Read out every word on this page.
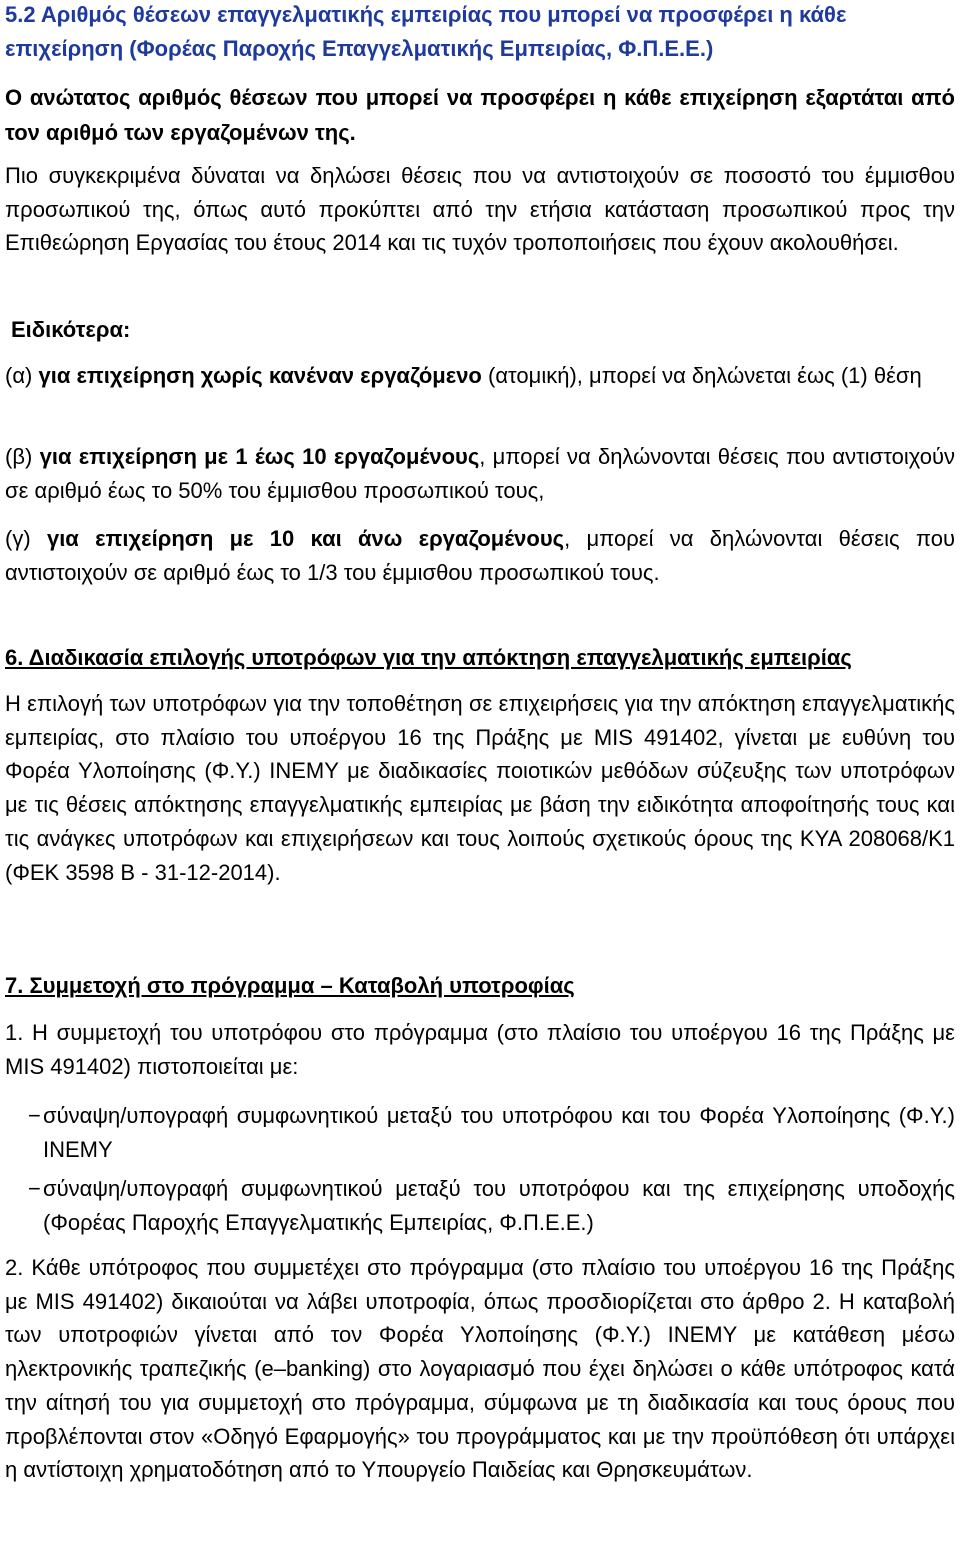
5.2 Αριθμός θέσεων επαγγελματικής εμπειρίας που μπορεί να προσφέρει η κάθε επιχείρηση (Φορέας Παροχής Επαγγελματικής Εμπειρίας, Φ.Π.Ε.Ε.)
Ο ανώτατος αριθμός θέσεων που μπορεί να προσφέρει η κάθε επιχείρηση εξαρτάται από τον αριθμό των εργαζομένων της.
Πιο συγκεκριμένα δύναται να δηλώσει θέσεις που να αντιστοιχούν σε ποσοστό του έμμισθου προσωπικού της, όπως αυτό προκύπτει από την ετήσια κατάσταση προσωπικού προς την Επιθεώρηση Εργασίας του έτους 2014 και τις τυχόν τροποποιήσεις που έχουν ακολουθήσει.
Ειδικότερα:
(α) για επιχείρηση χωρίς κανέναν εργαζόμενο (ατομική), μπορεί να δηλώνεται έως (1) θέση
(β) για επιχείρηση με 1 έως 10 εργαζομένους, μπορεί να δηλώνονται θέσεις που αντιστοιχούν σε αριθμό έως το 50% του έμμισθου προσωπικού τους,
(γ) για επιχείρηση με 10 και άνω εργαζομένους, μπορεί να δηλώνονται θέσεις που αντιστοιχούν σε αριθμό έως το 1/3 του έμμισθου προσωπικού τους.
6. Διαδικασία επιλογής υποτρόφων για την απόκτηση επαγγελματικής εμπειρίας
Η επιλογή των υποτρόφων για την τοποθέτηση σε επιχειρήσεις για την απόκτηση επαγγελματικής εμπειρίας, στο πλαίσιο του υποέργου 16 της Πράξης με MIS 491402, γίνεται με ευθύνη του Φορέα Υλοποίησης (Φ.Υ.) ΙΝΕΜΥ με διαδικασίες ποιοτικών μεθόδων σύζευξης των υποτρόφων με τις θέσεις απόκτησης επαγγελματικής εμπειρίας με βάση την ειδικότητα αποφοίτησής τους και τις ανάγκες υποτρόφων και επιχειρήσεων και τους λοιπούς σχετικούς όρους της ΚΥΑ 208068/Κ1 (ΦΕΚ 3598 Β - 31-12-2014).
7. Συμμετοχή στο πρόγραμμα – Καταβολή υποτροφίας
1. Η συμμετοχή του υποτρόφου στο πρόγραμμα (στο πλαίσιο του υποέργου 16 της Πράξης με MIS 491402) πιστοποιείται με:
− σύναψη/υπογραφή συμφωνητικού μεταξύ του υποτρόφου και του Φορέα Υλοποίησης (Φ.Υ.) ΙΝΕΜΥ
− σύναψη/υπογραφή συμφωνητικού μεταξύ του υποτρόφου και της επιχείρησης υποδοχής (Φορέας Παροχής Επαγγελματικής Εμπειρίας, Φ.Π.Ε.Ε.)
2. Κάθε υπότροφος που συμμετέχει στο πρόγραμμα (στο πλαίσιο του υποέργου 16 της Πράξης με MIS 491402) δικαιούται να λάβει υποτροφία, όπως προσδιορίζεται στο άρθρο 2. Η καταβολή των υποτροφιών γίνεται από τον Φορέα Υλοποίησης (Φ.Υ.) ΙΝΕΜΥ με κατάθεση μέσω ηλεκτρονικής τραπεζικής (e–banking) στο λογαριασμό που έχει δηλώσει ο κάθε υπότροφος κατά την αίτησή του για συμμετοχή στο πρόγραμμα, σύμφωνα με τη διαδικασία και τους όρους που προβλέπονται στον «Οδηγό Εφαρμογής» του προγράμματος και με την προϋπόθεση ότι υπάρχει η αντίστοιχη χρηματοδότηση από το Υπουργείο Παιδείας και Θρησκευμάτων.
